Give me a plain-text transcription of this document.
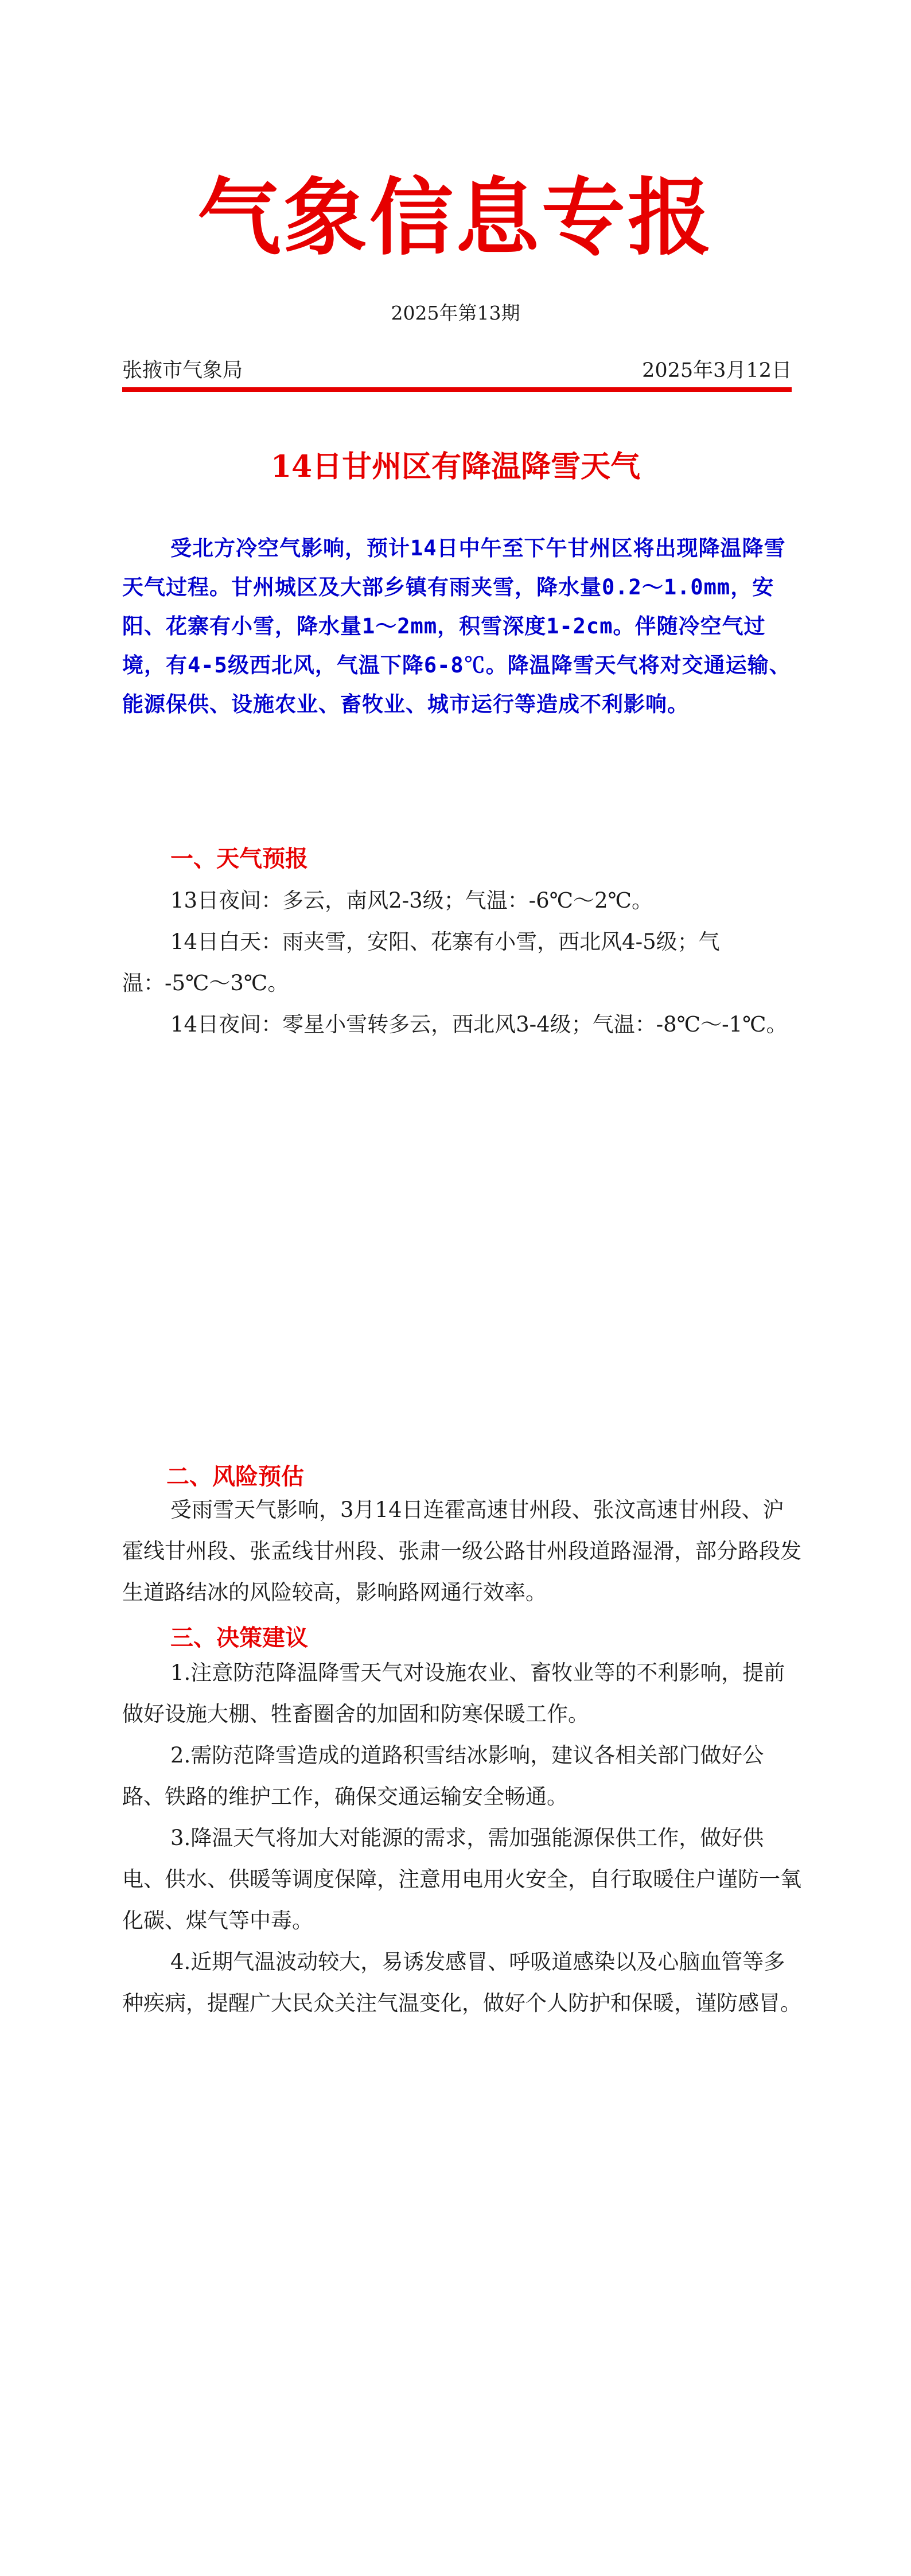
气象信息专报
2025年第13期
张掖市气象局	2025年3月12日
14日甘州区有降温降雪天气

受北方冷空气影响，预计14日中午至下午甘州区将出现降温降雪天气过程。甘州城区及大部乡镇有雨夹雪，降水量0.2～1.0mm，安阳、花寨有小雪，降水量1～2mm，积雪深度1-2cm。伴随冷空气过境，有4-5级西北风，气温下降6-8℃。降温降雪天气将对交通运输、能源保供、设施农业、畜牧业、城市运行等造成不利影响。

一、天气预报

13日夜间：多云，南风2-3级；气温：-6℃～2℃。

14日白天：雨夹雪，安阳、花寨有小雪，西北风4-5级；气温：-5℃～3℃。

14日夜间：零星小雪转多云，西北风3-4级；气温：-8℃～-1℃。

二、风险预估

受雨雪天气影响，3月14日连霍高速甘州段、张汶高速甘州段、沪霍线甘州段、张孟线甘州段、张肃一级公路甘州段道路湿滑，部分路段发生道路结冰的风险较高，影响路网通行效率。

三、决策建议

1.注意防范降温降雪天气对设施农业、畜牧业等的不利影响，提前做好设施大棚、牲畜圈舍的加固和防寒保暖工作。

2.需防范降雪造成的道路积雪结冰影响，建议各相关部门做好公路、铁路的维护工作，确保交通运输安全畅通。

3.降温天气将加大对能源的需求，需加强能源保供工作，做好供电、供水、供暖等调度保障，注意用电用火安全，自行取暖住户谨防一氧化碳、煤气等中毒。

4.近期气温波动较大，易诱发感冒、呼吸道感染以及心脑血管等多种疾病，提醒广大民众关注气温变化，做好个人防护和保暖，谨防感冒。
